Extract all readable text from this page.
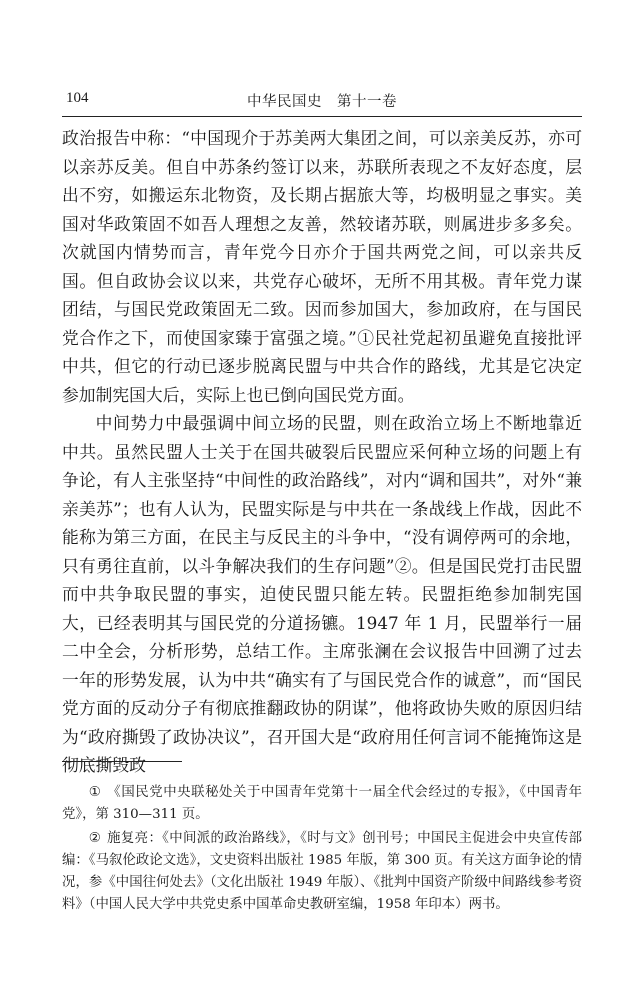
104	中华民国史　第十一卷

政治报告中称：“中国现介于苏美两大集团之间，可以亲美反苏，亦可以亲苏反美。但自中苏条约签订以来，苏联所表现之不友好态度，层出不穷，如搬运东北物资，及长期占据旅大等，均极明显之事实。美国对华政策固不如吾人理想之友善，然较诸苏联，则属进步多多矣。次就国内情势而言，青年党今日亦介于国共两党之间，可以亲共反国。但自政协会议以来，共党存心破坏，无所不用其极。青年党力谋团结，与国民党政策固无二致。因而参加国大，参加政府，在与国民党合作之下，而使国家臻于富强之境。”①民社党起初虽避免直接批评中共，但它的行动已逐步脱离民盟与中共合作的路线，尤其是它决定参加制宪国大后，实际上也已倒向国民党方面。

中间势力中最强调中间立场的民盟，则在政治立场上不断地靠近中共。虽然民盟人士关于在国共破裂后民盟应采何种立场的问题上有争论，有人主张坚持“中间性的政治路线”，对内“调和国共”，对外“兼亲美苏”；也有人认为，民盟实际是与中共在一条战线上作战，因此不能称为第三方面，在民主与反民主的斗争中，“没有调停两可的余地，只有勇往直前，以斗争解决我们的生存问题”②。但是国民党打击民盟而中共争取民盟的事实，迫使民盟只能左转。民盟拒绝参加制宪国大，已经表明其与国民党的分道扬镳。1947 年 1 月，民盟举行一届二中全会，分析形势，总结工作。主席张澜在会议报告中回溯了过去一年的形势发展，认为中共“确实有了与国民党合作的诚意”，而“国民党方面的反动分子有彻底推翻政协的阴谋”，他将政协失败的原因归结为“政府撕毁了政协决议”，召开国大是“政府用任何言词不能掩饰这是彻底撕毁政

① 《国民党中央联秘处关于中国青年党第十一届全代会经过的专报》，《中国青年党》，第 310—311 页。

② 施复亮：《中间派的政治路线》，《时与文》创刊号；中国民主促进会中央宣传部编：《马叙伦政论文选》，文史资料出版社 1985 年版，第 300 页。有关这方面争论的情况，参《中国往何处去》（文化出版社 1949 年版）、《批判中国资产阶级中间路线参考资料》（中国人民大学中共党史系中国革命史教研室编，1958 年印本）两书。
